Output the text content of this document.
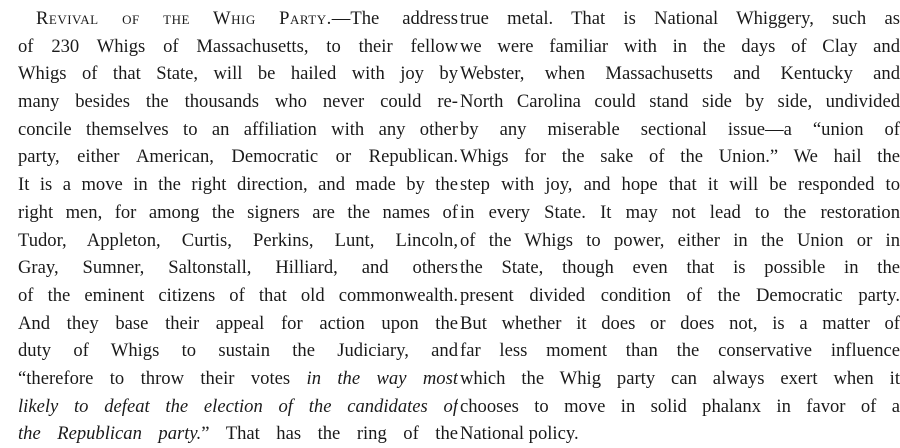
Revival of the Whig Party.—The address
of 230 Whigs of Massachusetts, to their fellow
Whigs of that State, will be hailed with joy by
many besides the thousands who never could re-
concile themselves to an affiliation with any other
party, either American, Democratic or Republican.
It is a move in the right direction, and made by the
right men, for among the signers are the names of
Tudor, Appleton, Curtis, Perkins, Lunt, Lincoln,
Gray, Sumner, Saltonstall, Hilliard, and others
of the eminent citizens of that old commonwealth.
And they base their appeal for action upon the
duty of Whigs to sustain the Judiciary, and
“therefore to throw their votes in the way most
likely to defeat the election of the candidates of
the Republican party.” That has the ring of the
true metal. That is National Whiggery, such as
we were familiar with in the days of Clay and
Webster, when Massachusetts and Kentucky and
North Carolina could stand side by side, undivided
by any miserable sectional issue—a “union of
Whigs for the sake of the Union.” We hail the
step with joy, and hope that it will be responded to
in every State. It may not lead to the restoration
of the Whigs to power, either in the Union or in
the State, though even that is possible in the
present divided condition of the Democratic party.
But whether it does or does not, is a matter of
far less moment than the conservative influence
which the Whig party can always exert when it
chooses to move in solid phalanx in favor of a
National policy.
